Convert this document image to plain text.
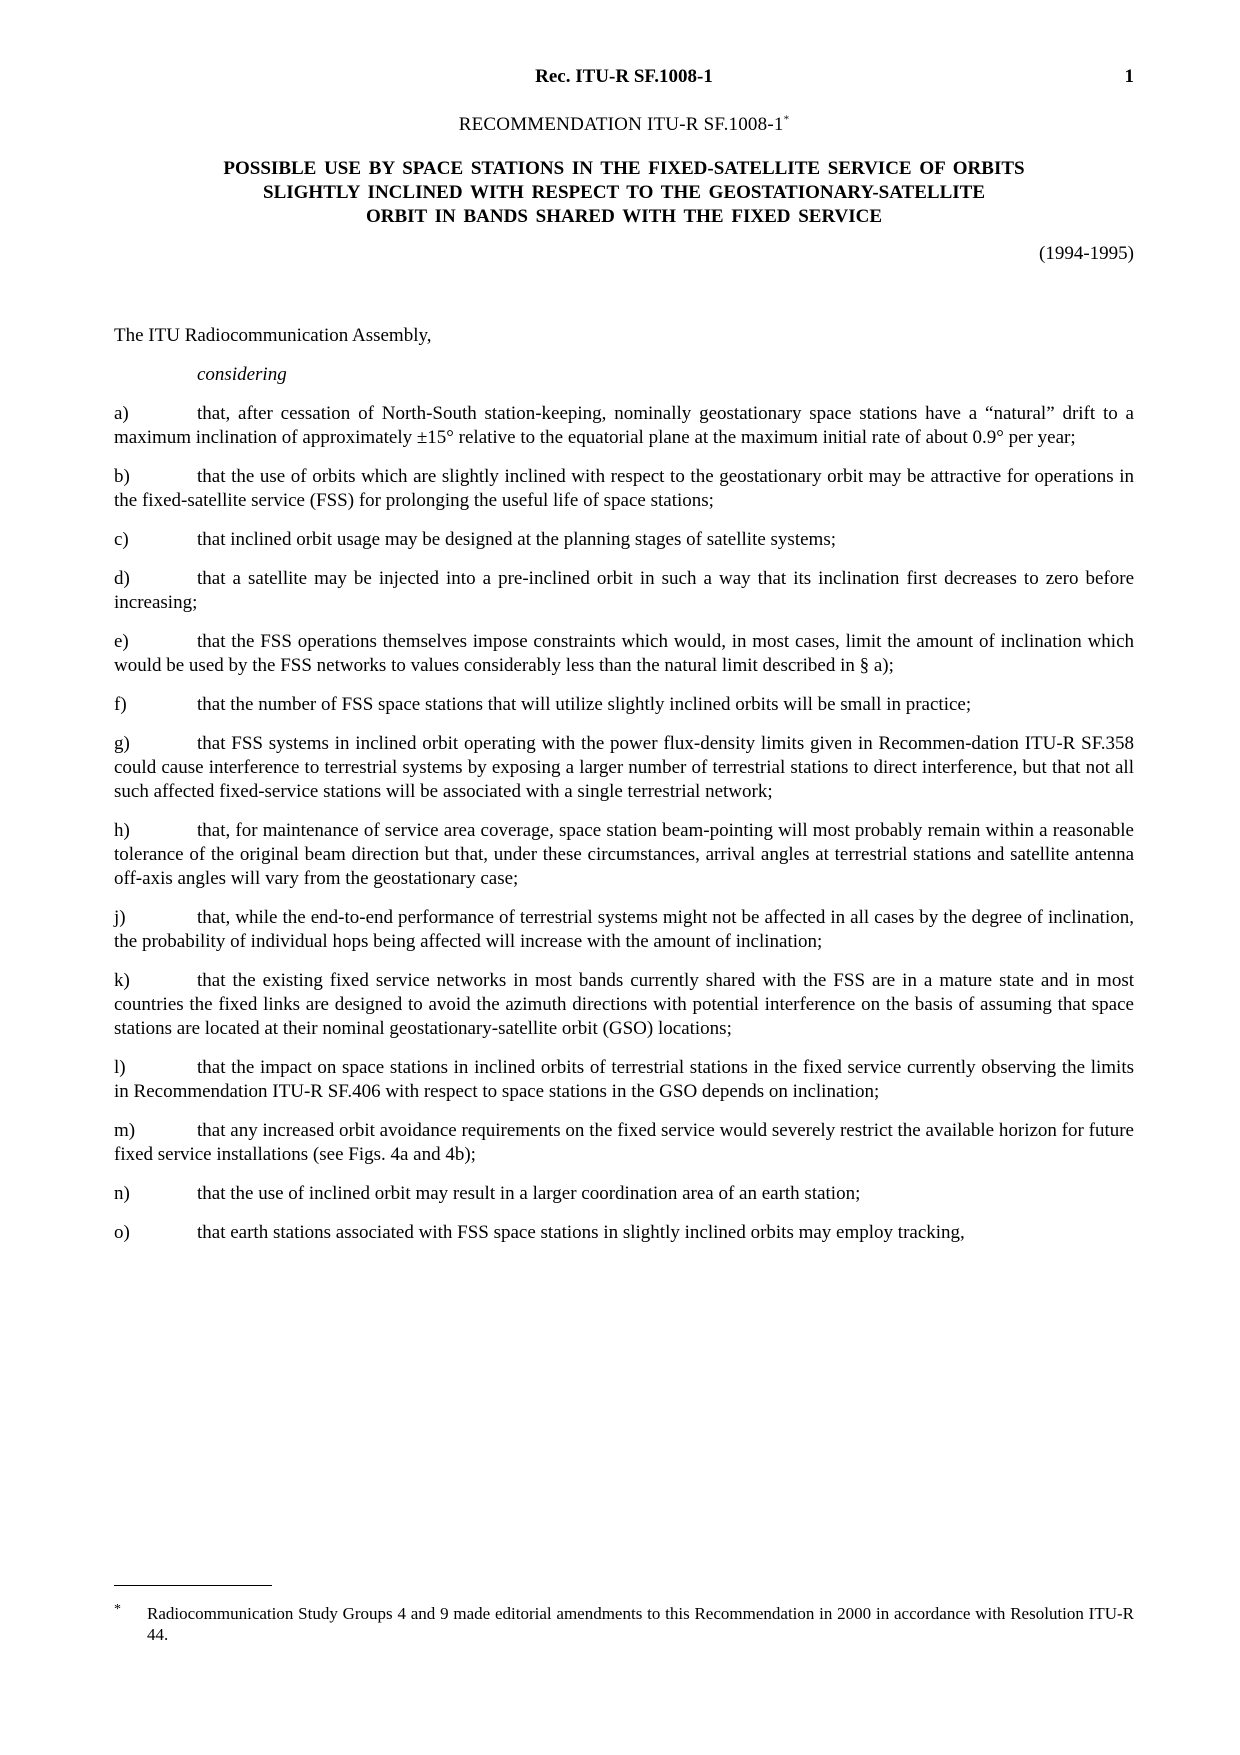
Rec. ITU-R SF.1008-1	1
RECOMMENDATION ITU-R SF.1008-1*
POSSIBLE USE BY SPACE STATIONS IN THE FIXED-SATELLITE SERVICE OF ORBITS
SLIGHTLY INCLINED WITH RESPECT TO THE GEOSTATIONARY-SATELLITE
ORBIT IN BANDS SHARED WITH THE FIXED SERVICE
(1994-1995)

The ITU Radiocommunication Assembly,

considering

a)	that, after cessation of North-South station-keeping, nominally geostationary space stations have a “natural” drift to a maximum inclination of approximately ±15° relative to the equatorial plane at the maximum initial rate of about 0.9° per year;

b)	that the use of orbits which are slightly inclined with respect to the geostationary orbit may be attractive for operations in the fixed-satellite service (FSS) for prolonging the useful life of space stations;

c)	that inclined orbit usage may be designed at the planning stages of satellite systems;

d)	that a satellite may be injected into a pre-inclined orbit in such a way that its inclination first decreases to zero before increasing;

e)	that the FSS operations themselves impose constraints which would, in most cases, limit the amount of inclination which would be used by the FSS networks to values considerably less than the natural limit described in § a);

f)	that the number of FSS space stations that will utilize slightly inclined orbits will be small in practice;

g)	that FSS systems in inclined orbit operating with the power flux-density limits given in Recommen-dation ITU-R SF.358 could cause interference to terrestrial systems by exposing a larger number of terrestrial stations to direct interference, but that not all such affected fixed-service stations will be associated with a single terrestrial network;

h)	that, for maintenance of service area coverage, space station beam-pointing will most probably remain within a reasonable tolerance of the original beam direction but that, under these circumstances, arrival angles at terrestrial stations and satellite antenna off-axis angles will vary from the geostationary case;

j)	that, while the end-to-end performance of terrestrial systems might not be affected in all cases by the degree of inclination, the probability of individual hops being affected will increase with the amount of inclination;

k)	that the existing fixed service networks in most bands currently shared with the FSS are in a mature state and in most countries the fixed links are designed to avoid the azimuth directions with potential interference on the basis of assuming that space stations are located at their nominal geostationary-satellite orbit (GSO) locations;

l)	that the impact on space stations in inclined orbits of terrestrial stations in the fixed service currently observing the limits in Recommendation ITU-R SF.406 with respect to space stations in the GSO depends on inclination;

m)	that any increased orbit avoidance requirements on the fixed service would severely restrict the available horizon for future fixed service installations (see Figs. 4a and 4b);

n)	that the use of inclined orbit may result in a larger coordination area of an earth station;

o)	that earth stations associated with FSS space stations in slightly inclined orbits may employ tracking,

* Radiocommunication Study Groups 4 and 9 made editorial amendments to this Recommendation in 2000 in accordance with Resolution ITU-R 44.
